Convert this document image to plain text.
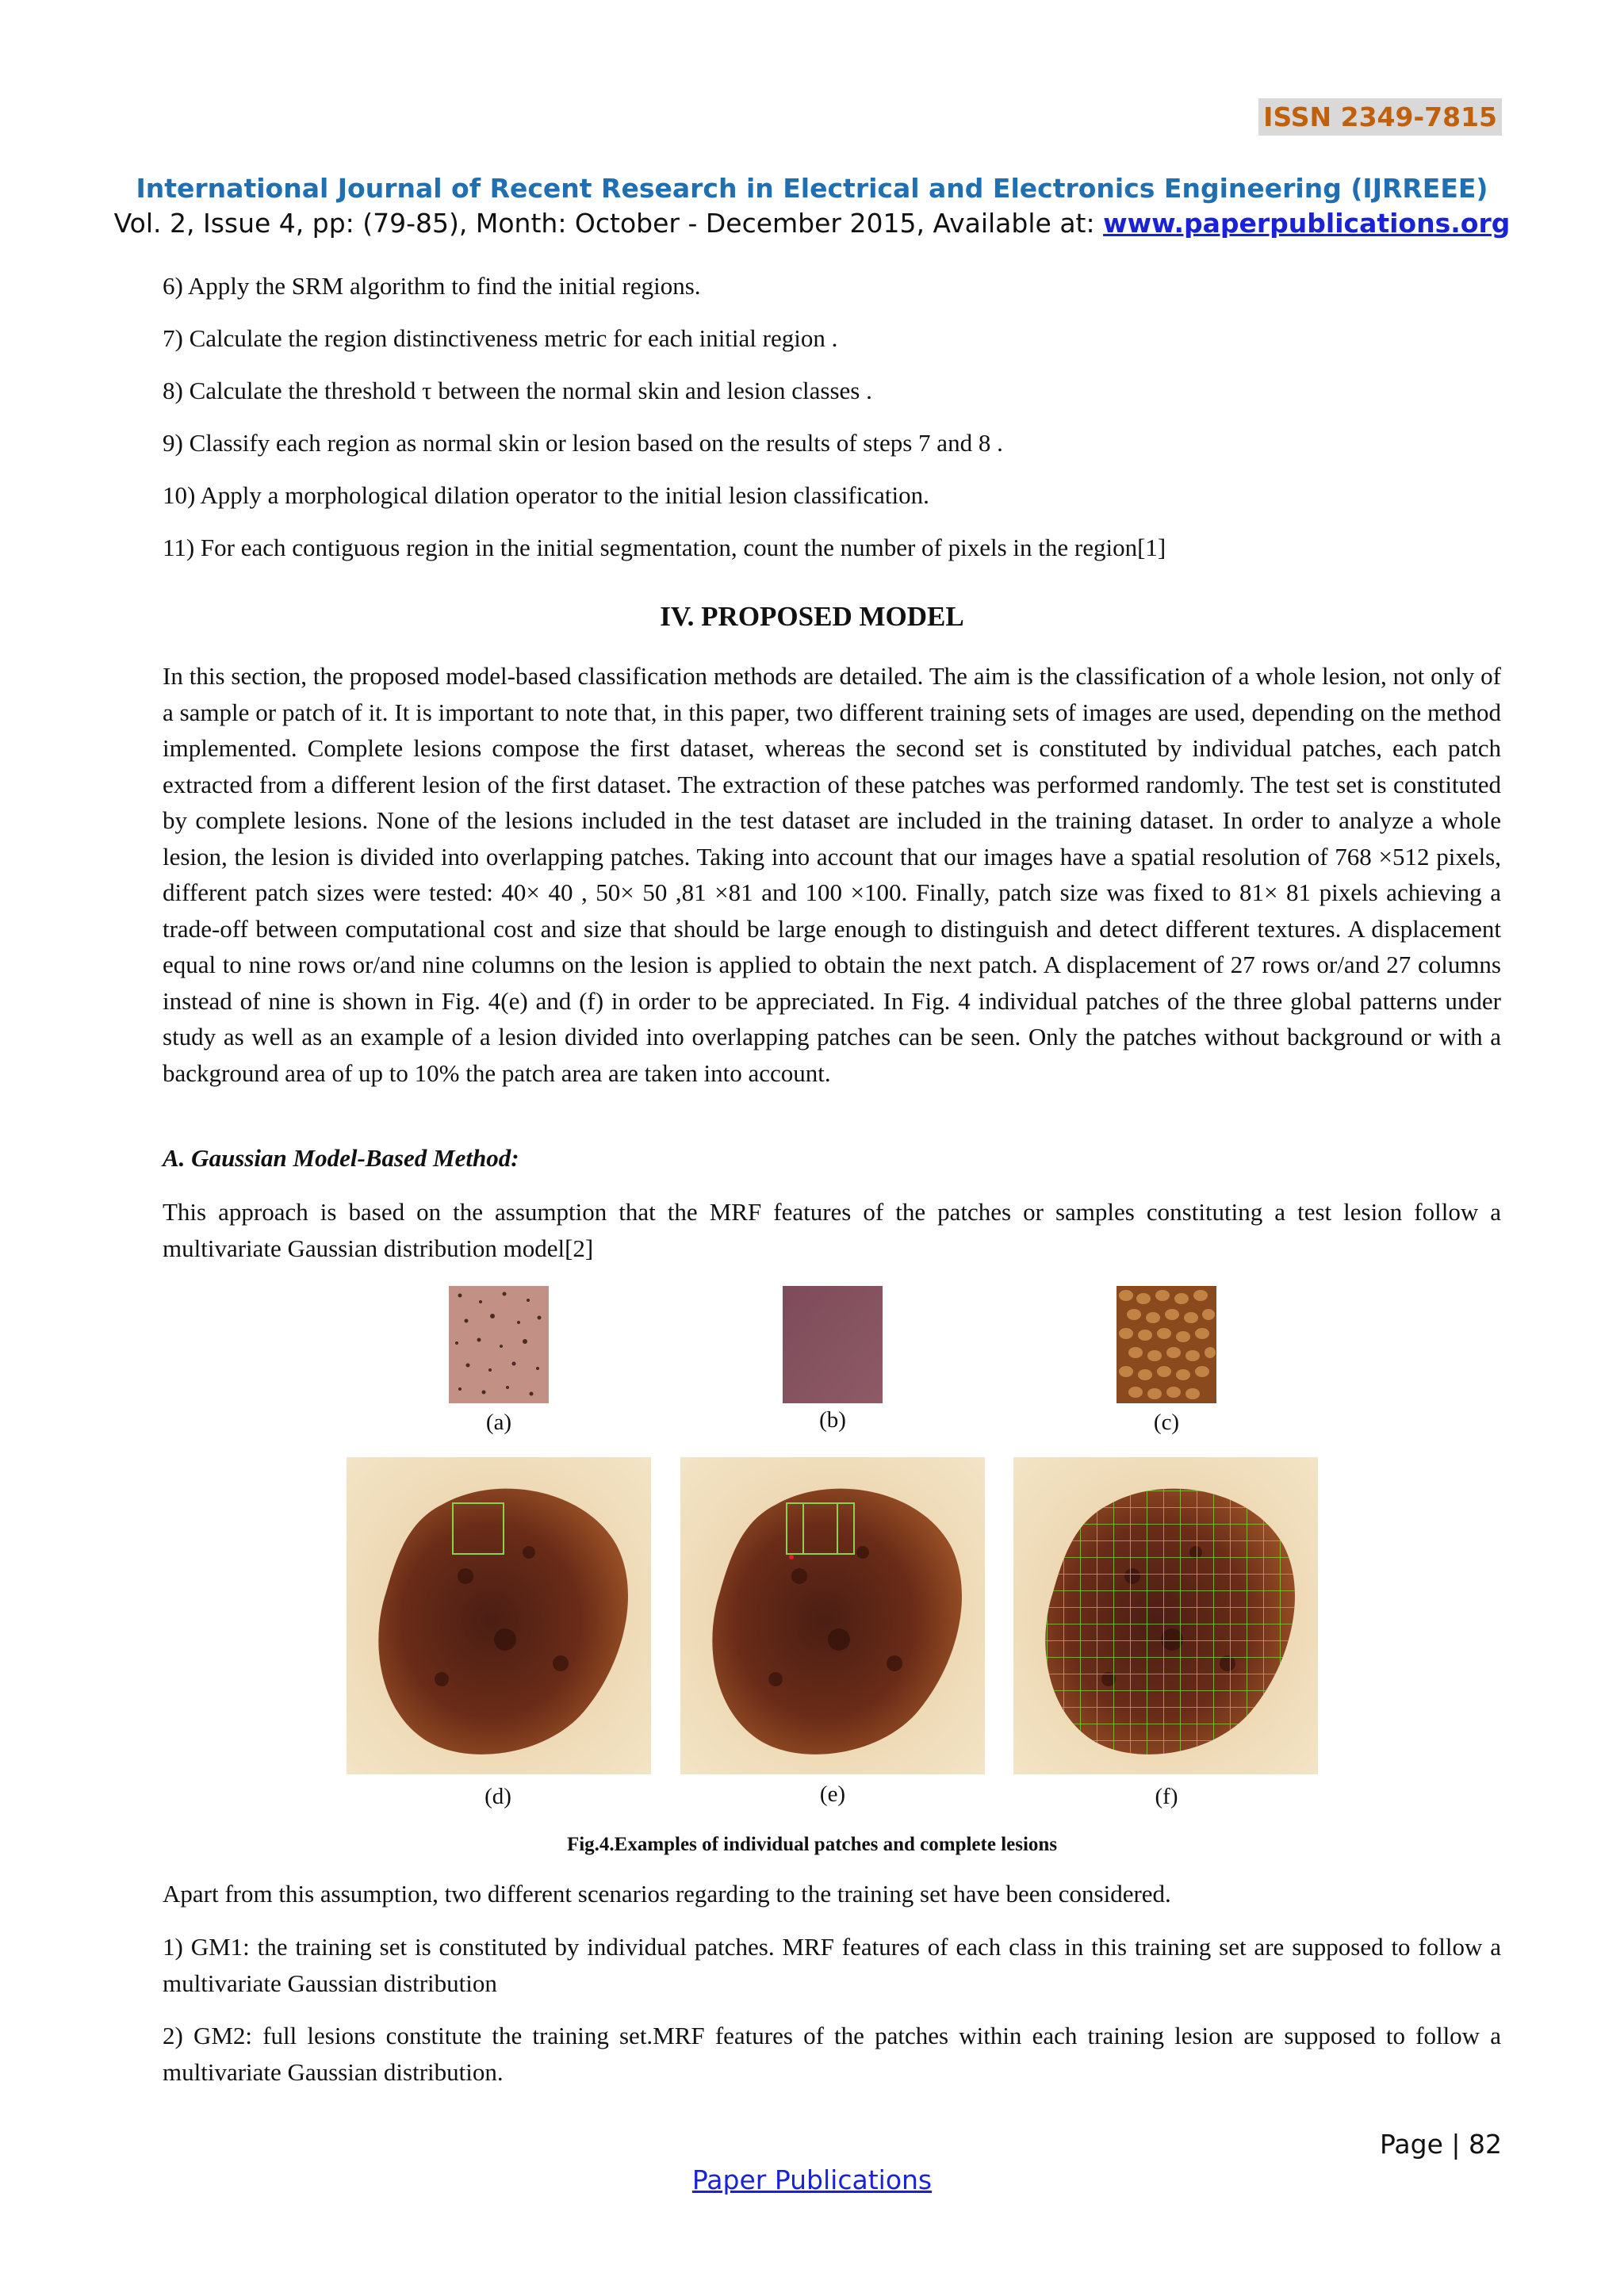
ISSN 2349-7815
International Journal of Recent Research in Electrical and Electronics Engineering (IJRREEE)
Vol. 2, Issue 4, pp: (79-85), Month: October - December 2015, Available at: www.paperpublications.org
6) Apply the SRM algorithm to find the initial regions.
7) Calculate the region distinctiveness metric for each initial region .
8) Calculate the threshold τ between the normal skin and lesion classes .
9) Classify each region as normal skin or lesion based on the results of steps 7 and 8 .
10) Apply a morphological dilation operator to the initial lesion classification.
11) For each contiguous region in the initial segmentation, count the number of pixels in the region[1]
IV. PROPOSED MODEL

In this section, the proposed model-based classification methods are detailed. The aim is the classification of a whole lesion, not only of a sample or patch of it. It is important to note that, in this paper, two different training sets of images are used, depending on the method implemented. Complete lesions compose the first dataset, whereas the second set is constituted by individual patches, each patch extracted from a different lesion of the first dataset. The extraction of these patches was performed randomly. The test set is constituted by complete lesions. None of the lesions included in the test dataset are included in the training dataset. In order to analyze a whole lesion, the lesion is divided into overlapping patches. Taking into account that our images have a spatial resolution of 768 ×512 pixels, different patch sizes were tested: 40× 40 , 50× 50 ,81 ×81 and 100 ×100. Finally, patch size was fixed to 81× 81 pixels achieving a trade-off between computational cost and size that should be large enough to distinguish and detect different textures. A displacement equal to nine rows or/and nine columns on the lesion is applied to obtain the next patch. A displacement of 27 rows or/and 27 columns instead of nine is shown in Fig. 4(e) and (f) in order to be appreciated. In Fig. 4 individual patches of the three global patterns under study as well as an example of a lesion divided into overlapping patches can be seen. Only the patches without background or with a background area of up to 10% the patch area are taken into account.

A. Gaussian Model-Based Method:

This approach is based on the assumption that the MRF features of the patches or samples constituting a test lesion follow a multivariate Gaussian distribution model[2]

(a)	(b)	(c)
(d)	(e)	(f)
Fig.4.Examples of individual patches and complete lesions

Apart from this assumption, two different scenarios regarding to the training set have been considered.

1) GM1: the training set is constituted by individual patches. MRF features of each class in this training set are supposed to follow a multivariate Gaussian distribution

2) GM2: full lesions constitute the training set.MRF features of the patches within each training lesion are supposed to follow a multivariate Gaussian distribution.

Page | 82
Paper Publications
